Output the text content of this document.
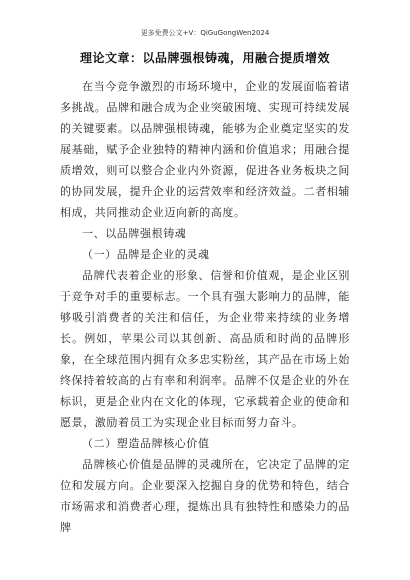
更多免费公文+V：QiGuGongWen2024
理论文章：以品牌强根铸魂，用融合提质增效

在当今竞争激烈的市场环境中，企业的发展面临着诸多挑战。品牌和融合成为企业突破困境、实现可持续发展的关键要素。以品牌强根铸魂，能够为企业奠定坚实的发展基础，赋予企业独特的精神内涵和价值追求；用融合提质增效，则可以整合企业内外资源，促进各业务板块之间的协同发展，提升企业的运营效率和经济效益。二者相辅相成，共同推动企业迈向新的高度。

一、以品牌强根铸魂

（一）品牌是企业的灵魂

品牌代表着企业的形象、信誉和价值观，是企业区别于竞争对手的重要标志。一个具有强大影响力的品牌，能够吸引消费者的关注和信任，为企业带来持续的业务增长。例如，苹果公司以其创新、高品质和时尚的品牌形象，在全球范围内拥有众多忠实粉丝，其产品在市场上始终保持着较高的占有率和利润率。品牌不仅是企业的外在标识，更是企业内在文化的体现，它承载着企业的使命和愿景，激励着员工为实现企业目标而努力奋斗。

（二）塑造品牌核心价值

品牌核心价值是品牌的灵魂所在，它决定了品牌的定位和发展方向。企业要深入挖掘自身的优势和特色，结合市场需求和消费者心理，提炼出具有独特性和感染力的品牌
